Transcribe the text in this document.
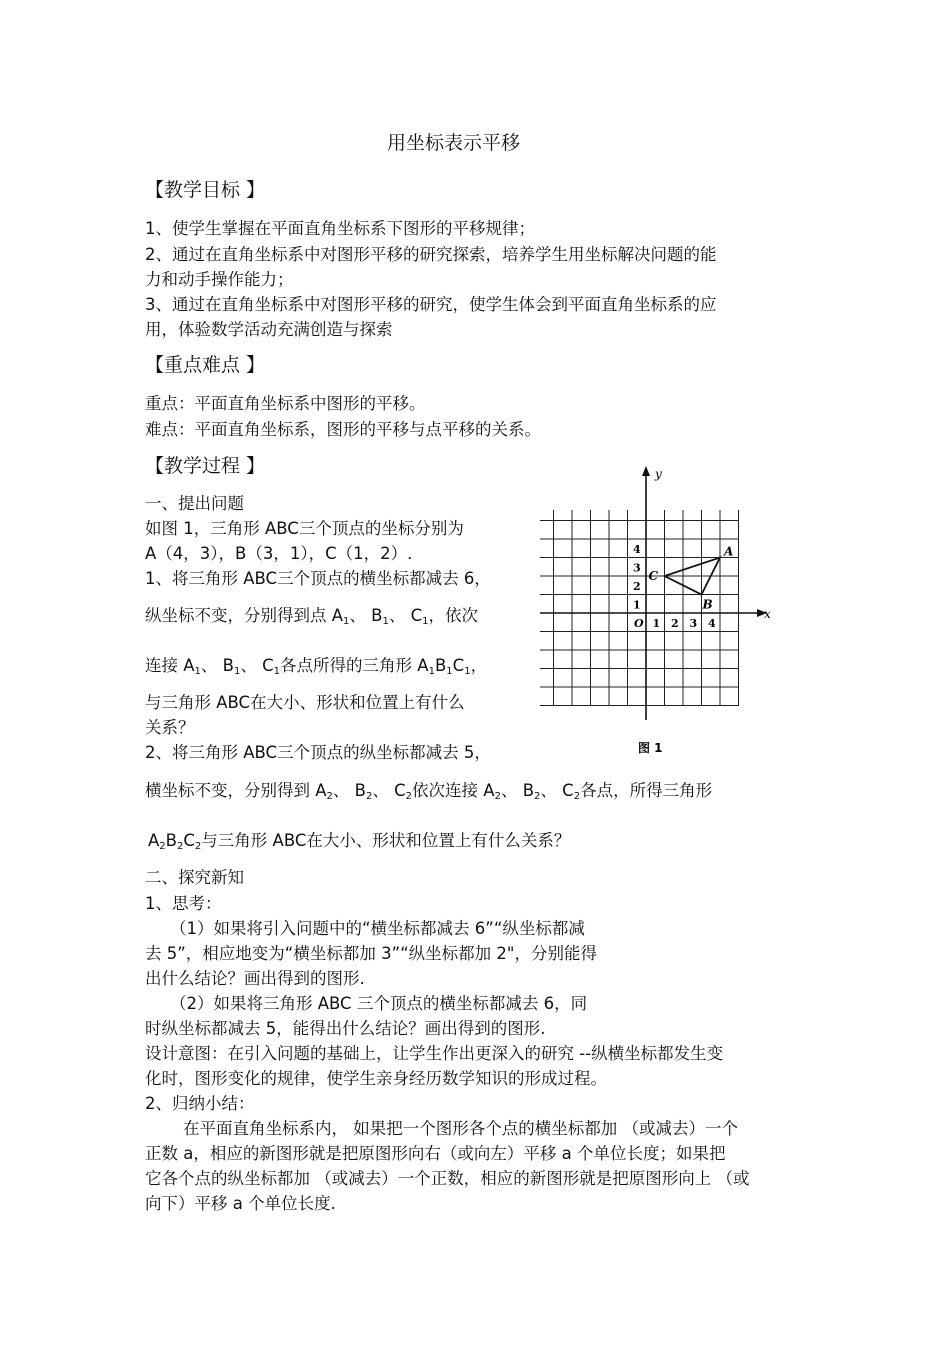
用坐标表示平移
【教学目标 】
1、使学生掌握在平面直角坐标系下图形的平移规律；
2、通过在直角坐标系中对图形平移的研究探索，培养学生用坐标解决问题的能
力和动手操作能力；
3、通过在直角坐标系中对图形平移的研究，使学生体会到平面直角坐标系的应
用，体验数学活动充满创造与探索
【重点难点 】
重点：平面直角坐标系中图形的平移。
难点：平面直角坐标系，图形的平移与点平移的关系。
【教学过程 】
一、提出问题
如图 1，三角形 ABC三个顶点的坐标分别为
A（4，3），B（3，1），C（1，2）.
1、将三角形 ABC三个顶点的横坐标都减去 6，
纵坐标不变，分别得到点 $A_1$、 $B_1$、 $C_1$，依次
连接 $A_1$、 $B_1$、 $C_1$各点所得的三角形 $A_1B_1C_1$，
与三角形 ABC在大小、形状和位置上有什么
关系？
2、将三角形 ABC三个顶点的纵坐标都减去 5，
横坐标不变，分别得到 $A_2$、 $B_2$、 $C_2$依次连接 $A_2$、 $B_2$、 $C_2$各点，所得三角形
$A_2B_2C_2$与三角形 ABC在大小、形状和位置上有什么关系？
二、探究新知
1、思考：
（1）如果将引入问题中的“横坐标都减去 6”“纵坐标都减
去 5”，相应地变为“横坐标都加 3”“纵坐标都加 2"，分别能得
出什么结论？画出得到的图形.
（2）如果将三角形 ABC 三个顶点的横坐标都减去 6，同
时纵坐标都减去 5，能得出什么结论？画出得到的图形.
设计意图：在引入问题的基础上，让学生作出更深入的研究 --纵横坐标都发生变
化时，图形变化的规律，使学生亲身经历数学知识的形成过程。
2、归纳小结：
在平面直角坐标系内， 如果把一个图形各个点的横坐标都加 （或减去）一个
正数 a，相应的新图形就是把原图形向右（或向左）平移 a 个单位长度；如果把
它各个点的纵坐标都加 （或减去）一个正数，相应的新图形就是把原图形向上 （或
向下）平移 a 个单位长度.
x
y
O 1 2 3 4
1
2
3
4	A
B
C
图 1
